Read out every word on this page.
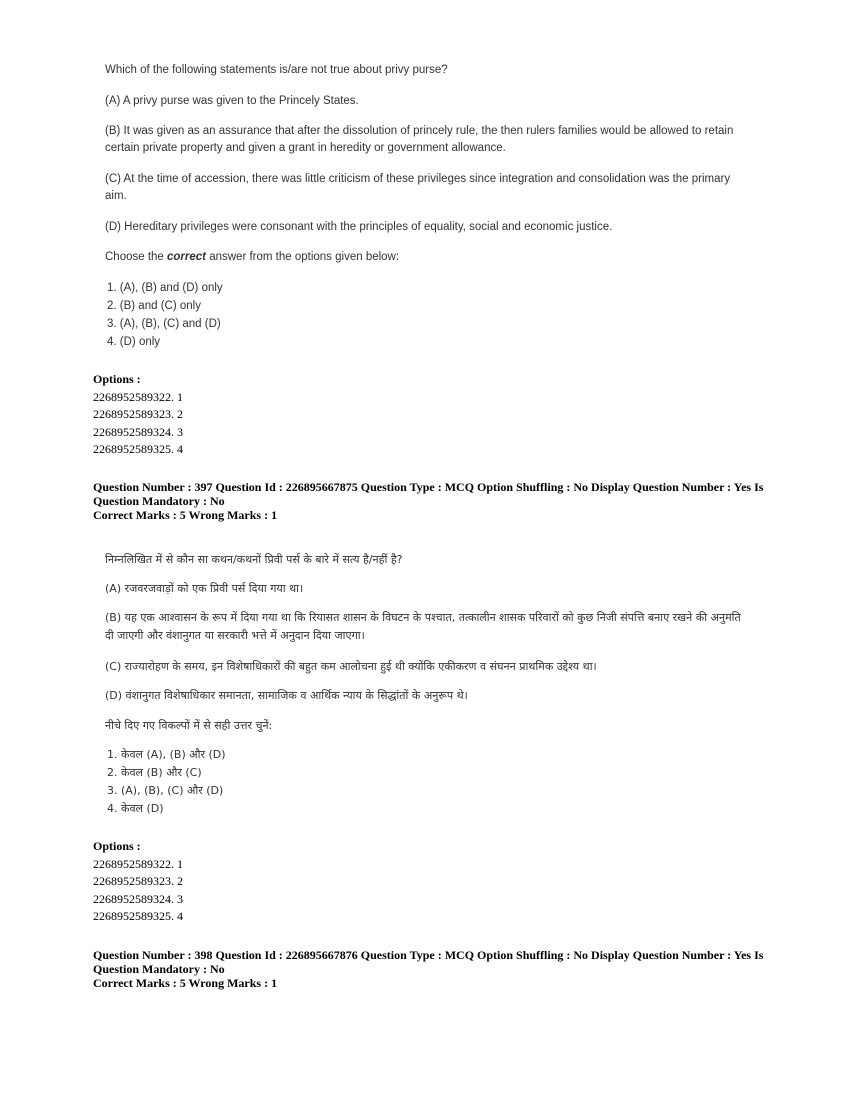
Which of the following statements is/are not true about privy purse?

(A) A privy purse was given to the Princely States.

(B) It was given as an assurance that after the dissolution of princely rule, the then rulers families would be allowed to retain certain private property and given a grant in heredity or government allowance.

(C) At the time of accession, there was little criticism of these privileges since integration and consolidation was the primary aim.

(D) Hereditary privileges were consonant with the principles of equality, social and economic justice.

Choose the correct answer from the options given below:

1. (A), (B) and (D) only
2. (B) and (C) only
3. (A), (B), (C) and (D)
4. (D) only

Options :

2268952589322. 1

2268952589323. 2

2268952589324. 3

2268952589325. 4

Question Number : 397 Question Id : 226895667875 Question Type : MCQ Option Shuffling : No Display Question Number : Yes Is

Question Mandatory : No

Correct Marks : 5 Wrong Marks : 1

निम्नलिखित में से कौन सा कथन/कथनों प्रिवी पर्स के बारे में सत्य है/नहीं है?

(A) रजवरजवाड़ों को एक प्रिवी पर्स दिया गया था।

(B) यह एक आश्वासन के रूप में दिया गया था कि रियासत शासन के विघटन के पश्चात, तत्कालीन शासक परिवारों को कुछ निजी संपत्ति बनाए रखने की अनुमति दी जाएगी और वंशानुगत या सरकारी भत्ते में अनुदान दिया जाएगा।

(C) राज्यारोहण के समय, इन विशेषाधिकारों की बहुत कम आलोचना हुई थी क्योंकि एकीकरण व संघनन प्राथमिक उद्देश्य था।

(D) वंशानुगत विशेषाधिकार समानता, सामाजिक व आर्थिक न्याय के सिद्धांतों के अनुरूप थे।

नीचे दिए गए विकल्पों में से सही उत्तर चुनें:

1. केवल (A), (B) और (D)
2. केवल (B) और (C)
3. (A), (B), (C) और (D)
4. केवल (D)

Options :

2268952589322. 1

2268952589323. 2

2268952589324. 3

2268952589325. 4

Question Number : 398 Question Id : 226895667876 Question Type : MCQ Option Shuffling : No Display Question Number : Yes Is

Question Mandatory : No

Correct Marks : 5 Wrong Marks : 1
